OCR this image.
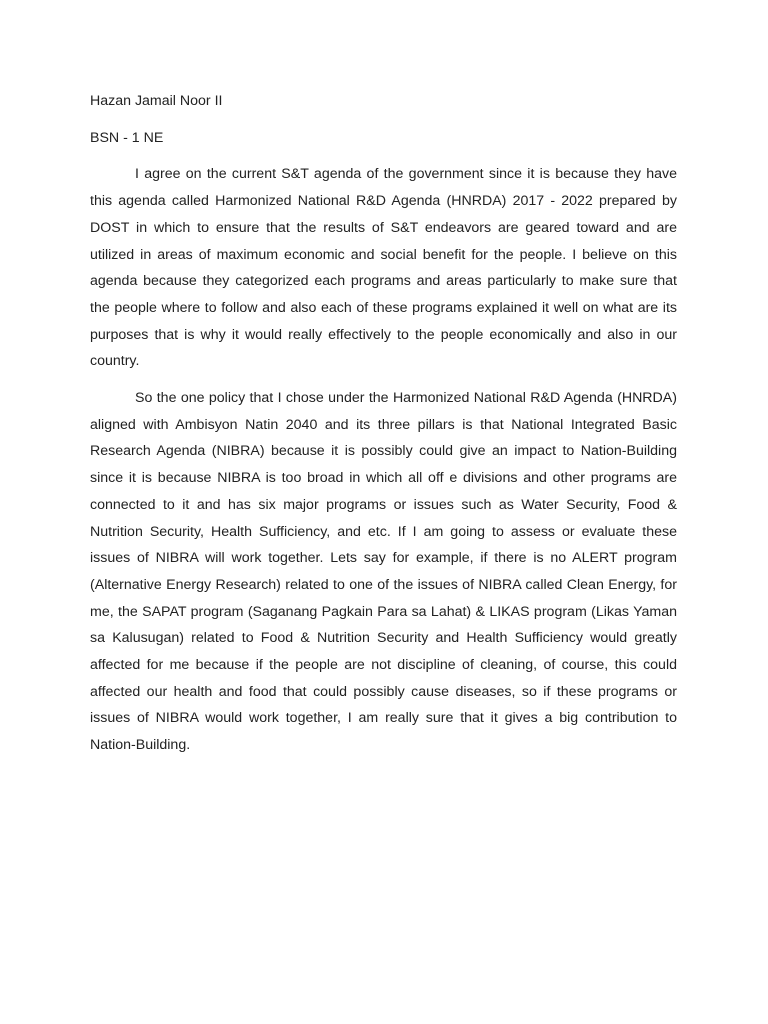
Hazan Jamail Noor II
BSN - 1 NE

I agree on the current S&T agenda of the government since it is because they have this agenda called Harmonized National R&D Agenda (HNRDA) 2017 - 2022 prepared by DOST in which to ensure that the results of S&T endeavors are geared toward and are utilized in areas of maximum economic and social benefit for the people. I believe on this agenda because they categorized each programs and areas particularly to make sure that the people where to follow and also each of these programs explained it well on what are its purposes that is why it would really effectively to the people economically and also in our country.

So the one policy that I chose under the Harmonized National R&D Agenda (HNRDA) aligned with Ambisyon Natin 2040 and its three pillars is that National Integrated Basic Research Agenda (NIBRA) because it is possibly could give an impact to Nation-Building since it is because NIBRA is too broad in which all off e divisions and other programs are connected to it and has six major programs or issues such as Water Security, Food & Nutrition Security, Health Sufficiency, and etc. If I am going to assess or evaluate these issues of NIBRA will work together. Lets say for example, if there is no ALERT program (Alternative Energy Research) related to one of the issues of NIBRA called Clean Energy, for me, the SAPAT program (Saganang Pagkain Para sa Lahat) & LIKAS program (Likas Yaman sa Kalusugan) related to Food & Nutrition Security and Health Sufficiency would greatly affected for me because if the people are not discipline of cleaning, of course, this could affected our health and food that could possibly cause diseases, so if these programs or issues of NIBRA would work together, I am really sure that it gives a big contribution to Nation-Building.
